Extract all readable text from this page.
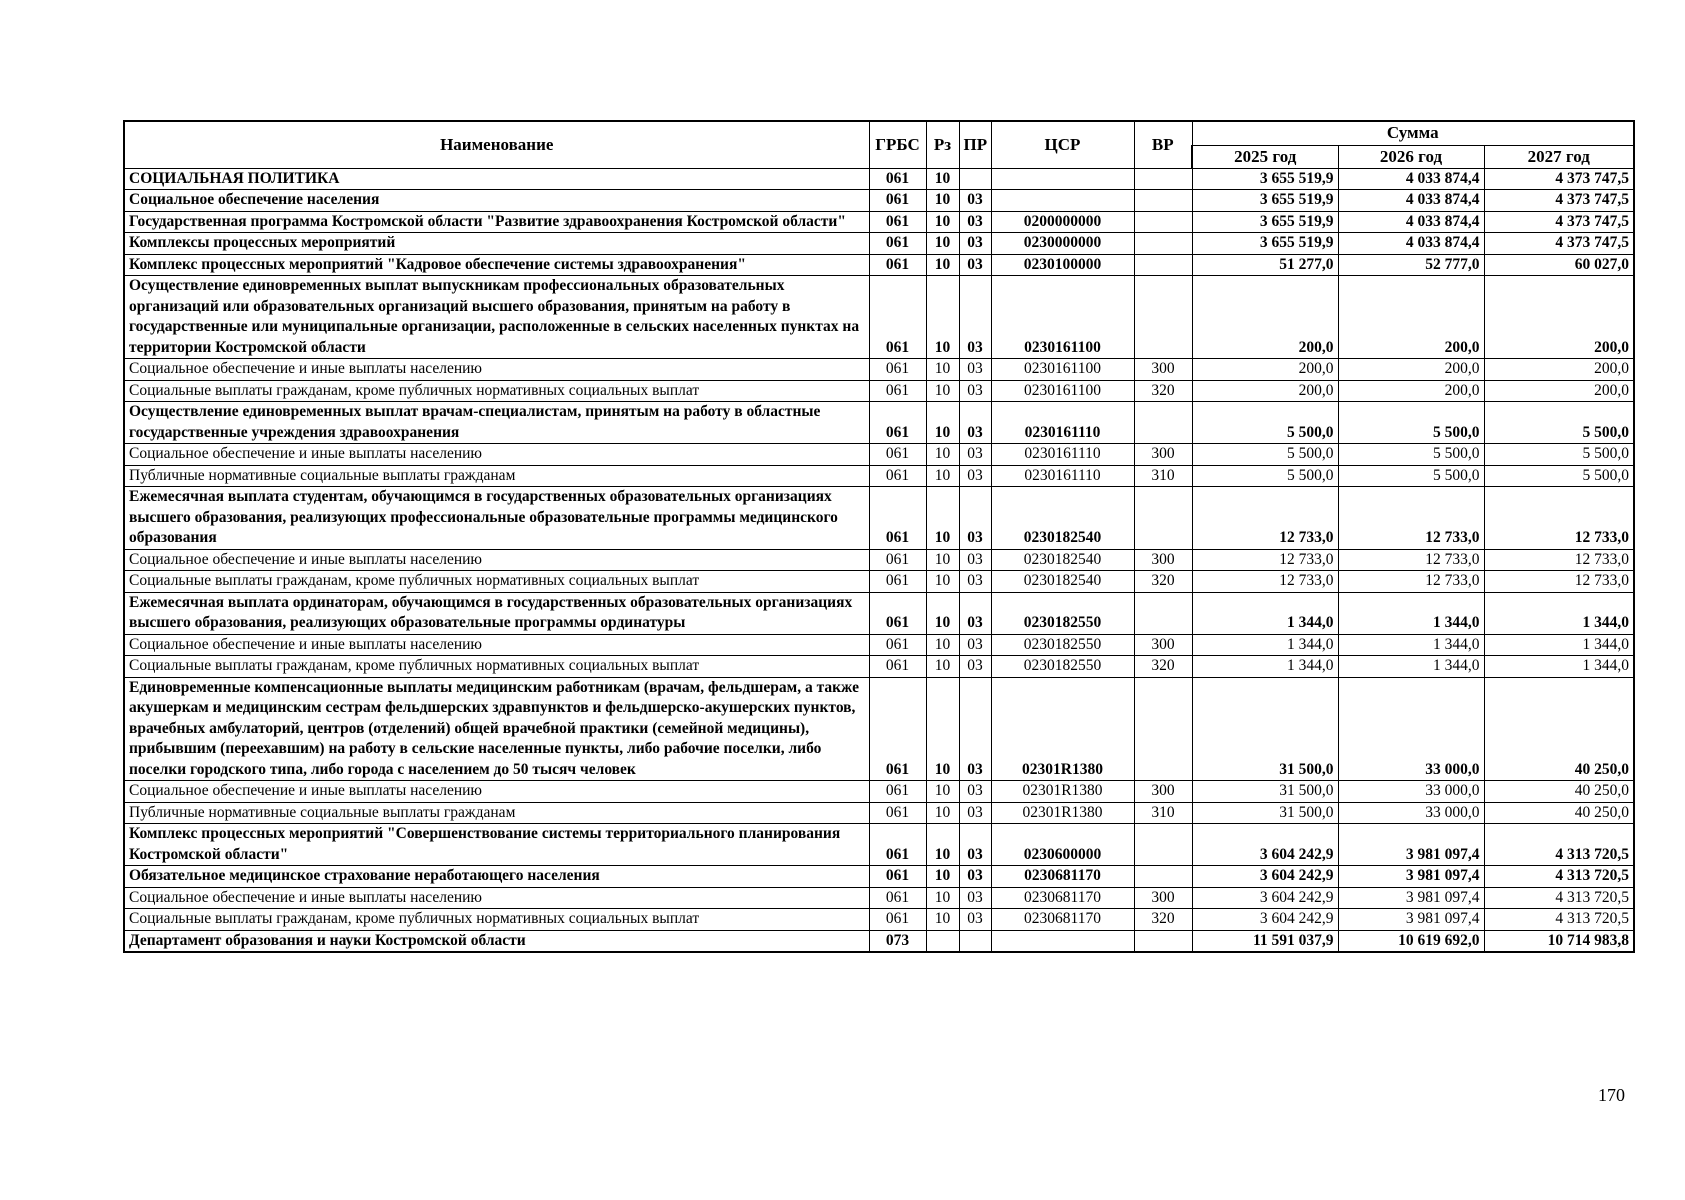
Наименование	ГРБС	Рз	ПР	ЦСР	ВР	Сумма		
						2025 год	2026 год	2027 год
СОЦИАЛЬНАЯ ПОЛИТИКА	061	10				3 655 519,9	4 033 874,4	4 373 747,5
Социальное обеспечение населения	061	10	03			3 655 519,9	4 033 874,4	4 373 747,5
Государственная программа Костромской области "Развитие здравоохранения Костромской области"	061	10	03	0200000000		3 655 519,9	4 033 874,4	4 373 747,5
Комплексы процессных мероприятий	061	10	03	0230000000		3 655 519,9	4 033 874,4	4 373 747,5
Комплекс процессных мероприятий "Кадровое обеспечение системы здравоохранения"	061	10	03	0230100000		51 277,0	52 777,0	60 027,0
Осуществление единовременных выплат выпускникам профессиональных образовательных организаций или образовательных организаций высшего образования, принятым на работу в государственные или муниципальные организации, расположенные в сельских населенных пунктах на территории Костромской области	061	10	03	0230161100		200,0	200,0	200,0
Социальное обеспечение и иные выплаты населению	061	10	03	0230161100	300	200,0	200,0	200,0
Социальные выплаты гражданам, кроме публичных нормативных социальных выплат	061	10	03	0230161100	320	200,0	200,0	200,0
Осуществление единовременных выплат врачам-специалистам, принятым на работу в областные государственные учреждения здравоохранения	061	10	03	0230161110		5 500,0	5 500,0	5 500,0
Социальное обеспечение и иные выплаты населению	061	10	03	0230161110	300	5 500,0	5 500,0	5 500,0
Публичные нормативные социальные выплаты гражданам	061	10	03	0230161110	310	5 500,0	5 500,0	5 500,0
Ежемесячная выплата студентам, обучающимся в государственных образовательных организациях высшего образования, реализующих профессиональные образовательные программы медицинского образования	061	10	03	0230182540		12 733,0	12 733,0	12 733,0
Социальное обеспечение и иные выплаты населению	061	10	03	0230182540	300	12 733,0	12 733,0	12 733,0
Социальные выплаты гражданам, кроме публичных нормативных социальных выплат	061	10	03	0230182540	320	12 733,0	12 733,0	12 733,0
Ежемесячная выплата ординаторам, обучающимся в государственных образовательных организациях высшего образования, реализующих образовательные программы ординатуры	061	10	03	0230182550		1 344,0	1 344,0	1 344,0
Социальное обеспечение и иные выплаты населению	061	10	03	0230182550	300	1 344,0	1 344,0	1 344,0
Социальные выплаты гражданам, кроме публичных нормативных социальных выплат	061	10	03	0230182550	320	1 344,0	1 344,0	1 344,0
Единовременные компенсационные выплаты медицинским работникам (врачам, фельдшерам, а также акушеркам и медицинским сестрам фельдшерских здравпунктов и фельдшерско-акушерских пунктов, врачебных амбулаторий, центров (отделений) общей врачебной практики (семейной медицины), прибывшим (переехавшим) на работу в сельские населенные пункты, либо рабочие поселки, либо поселки городского типа, либо города с населением до 50 тысяч человек	061	10	03	02301R1380		31 500,0	33 000,0	40 250,0
Социальное обеспечение и иные выплаты населению	061	10	03	02301R1380	300	31 500,0	33 000,0	40 250,0
Публичные нормативные социальные выплаты гражданам	061	10	03	02301R1380	310	31 500,0	33 000,0	40 250,0
Комплекс процессных мероприятий "Совершенствование системы территориального планирования Костромской области"	061	10	03	0230600000		3 604 242,9	3 981 097,4	4 313 720,5
Обязательное медицинское страхование неработающего населения	061	10	03	0230681170		3 604 242,9	3 981 097,4	4 313 720,5
Социальное обеспечение и иные выплаты населению	061	10	03	0230681170	300	3 604 242,9	3 981 097,4	4 313 720,5
Социальные выплаты гражданам, кроме публичных нормативных социальных выплат	061	10	03	0230681170	320	3 604 242,9	3 981 097,4	4 313 720,5
Департамент образования и науки Костромской области	073					11 591 037,9	10 619 692,0	10 714 983,8
170
